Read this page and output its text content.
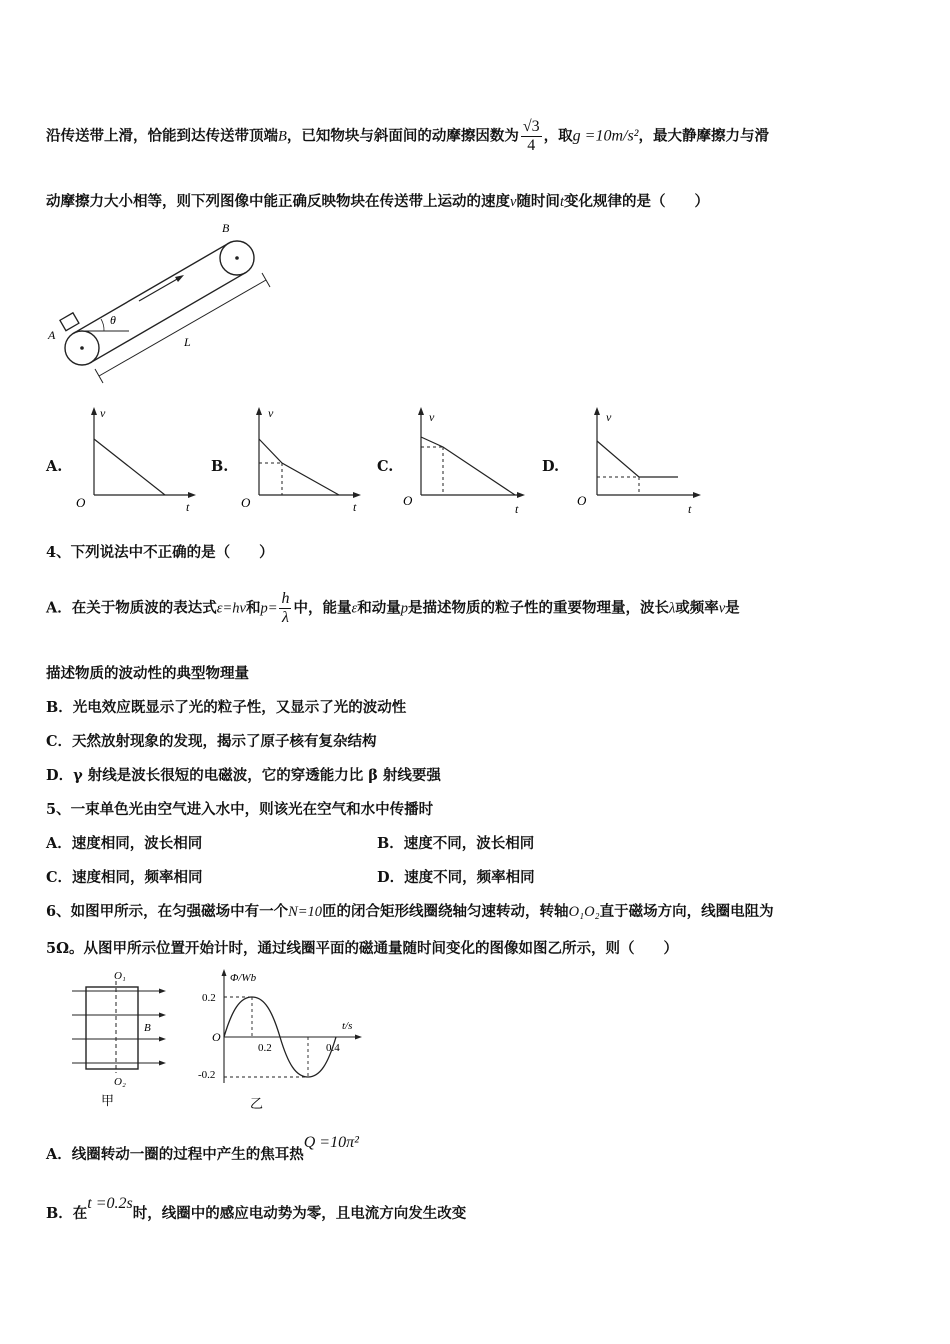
沿传送带上滑，恰能到达传送带顶端B，已知物块与斜面间的动摩擦因数为 $\frac{√3}{4}$ ，取g =10m/s²，最大静摩擦力与滑
动摩擦力大小相等，则下列图像中能正确反映物块在传送带上运动的速度v随时间t变化规律的是（　　）
θ
A
B
L
A.
v
t
O
B.
v
t
O
C.
v
t
O
D.
v
t
O
4、下列说法中不正确的是（　　）
A．在关于物质波的表达式ε=hν和$p= \frac{h}{\lambda}$ 中，能量ε和动量p是描述物质的粒子性的重要物理量，波长λ或频率ν是
描述物质的波动性的典型物理量
B．光电效应既显示了光的粒子性，又显示了光的波动性
C．天然放射现象的发现，揭示了原子核有复杂结构
D．γ 射线是波长很短的电磁波，它的穿透能力比 β 射线要强
5、一束单色光由空气进入水中，则该光在空气和水中传播时
A．速度相同，波长相同	B．速度不同，波长相同
C．速度相同，频率相同	D．速度不同，频率相同
6、如图甲所示，在匀强磁场中有一个N=10匝的闭合矩形线圈绕轴匀速转动，转轴O₁O₂直于磁场方向，线圈电阻为
5Ω。从图甲所示位置开始计时，通过线圈平面的磁通量随时间变化的图像如图乙所示，则（　　）
O₁
B
O₂
甲
Φ/Wb
t/s
O
0.2
-0.2
0.2	0.4
乙
A．线圈转动一圈的过程中产生的焦耳热Q =10π²
B．在t =0.2s时，线圈中的感应电动势为零，且电流方向发生改变
